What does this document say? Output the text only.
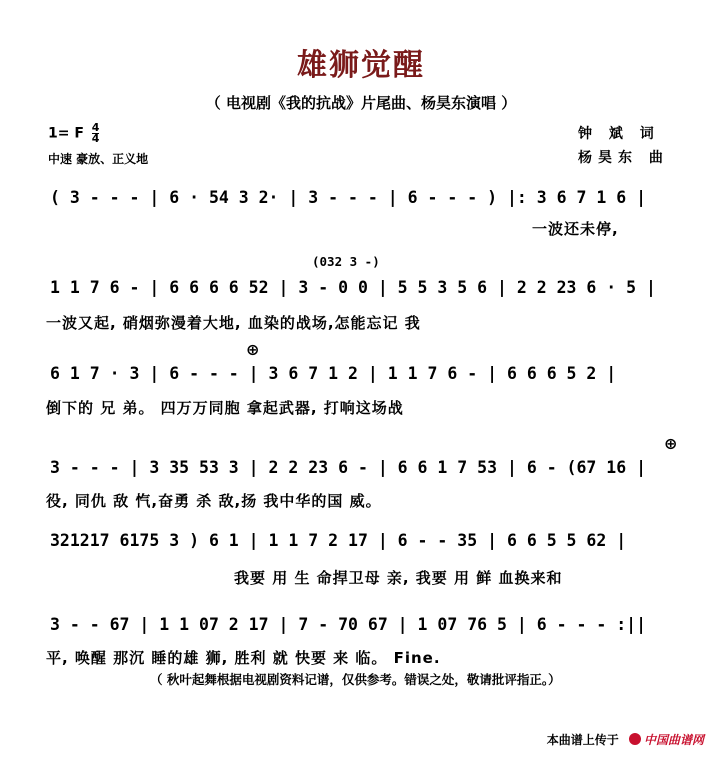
雄狮觉醒
（ 电视剧《我的抗战》片尾曲、杨昊东演唱 ）
1= F $\frac{4}{4}$
中速 豪放、正义地
钟 斌 词
杨昊东 曲
( 3 - - - | 6 · 54 3 2· | 3 - - - | 6 - - - ) |: 3 6 7 1 6 |
一波还未停,
(032 3 -)
1 1 7 6 - | 6 6 6 6 52 | 3 - 0 0 | 5 5 3 5 6 | 2 2 23 6 · 5 |
一波又起, 硝烟弥漫着大地, 血染的战场,怎能忘记 我
⊕
6 1 7 · 3 | 6 - - - | 3 6 7 1 2 | 1 1 7 6 - | 6 6 6 5 2 |
倒下的 兄 弟。 四万万同胞 拿起武器, 打响这场战
⊕
3 - - - | 3 35 53 3 | 2 2 23 6 - | 6 6 1 7 53 | 6 - (67 16 |
役, 同仇 敌 忾,奋勇 杀 敌,扬 我中华的国 威。
321217 6175 3 ) 6 1 | 1 1 7 2 17 | 6 - - 35 | 6 6 5 5 62 |
我要 用 生 命捍卫母 亲, 我要 用 鲜 血换来和
3 - - 67 | 1 1 07 2 17 | 7 - 70 67 | 1 07 76 5 | 6 - - - :||
平, 唤醒 那沉 睡的雄 狮, 胜利 就 快要 来 临。 Fine.
（ 秋叶起舞根据电视剧资料记谱，仅供参考。错误之处，敬请批评指正。）
本曲谱上传于 中国曲谱网
